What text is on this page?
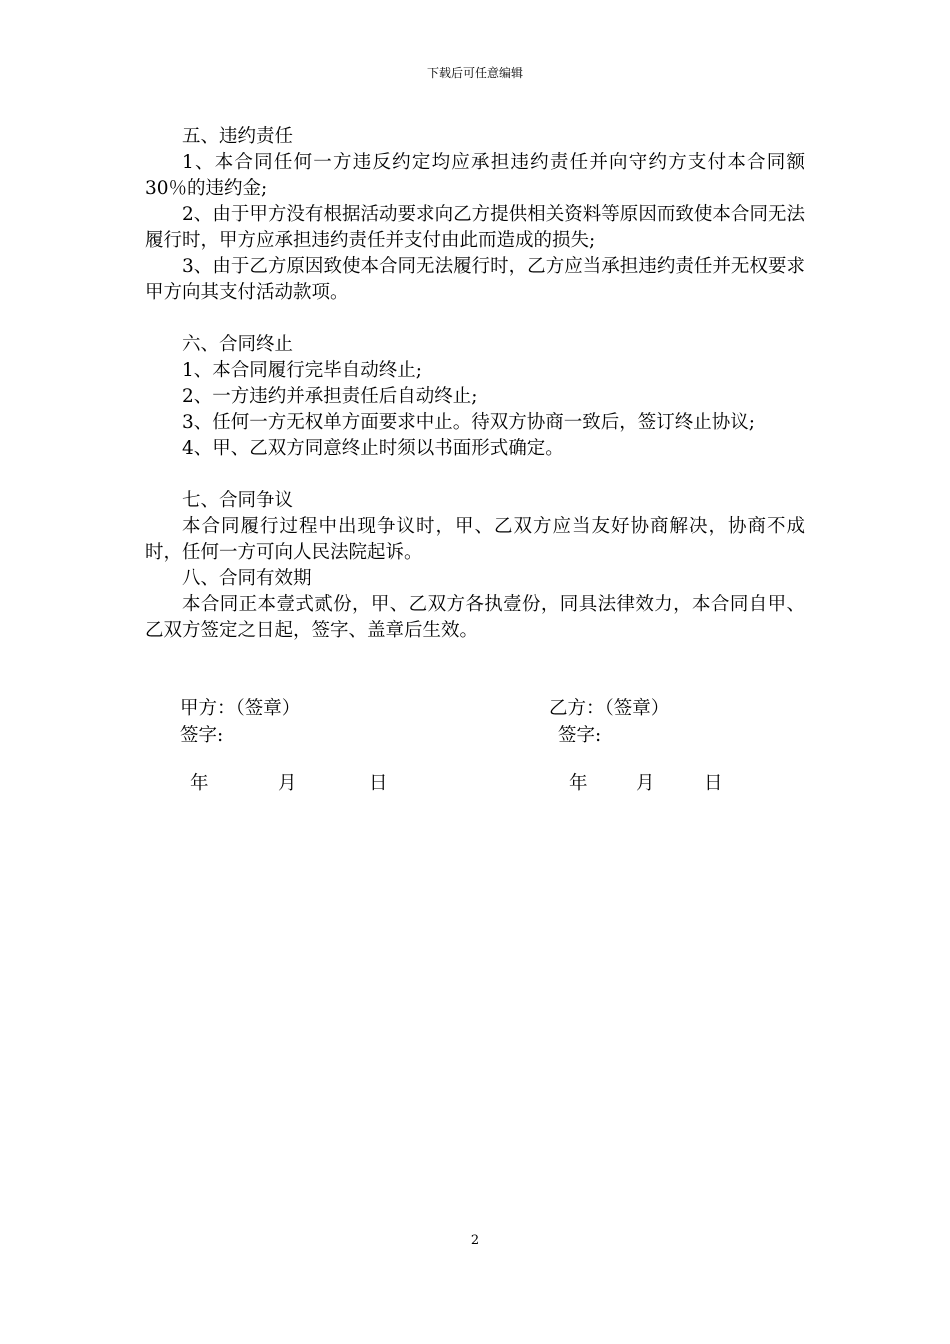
下载后可任意编辑

五、违约责任

1、本合同任何一方违反约定均应承担违约责任并向守约方支付本合同额30％的违约金;

2、由于甲方没有根据活动要求向乙方提供相关资料等原因而致使本合同无法履行时，甲方应承担违约责任并支付由此而造成的损失;

3、由于乙方原因致使本合同无法履行时，乙方应当承担违约责任并无权要求甲方向其支付活动款项。

六、合同终止

1、本合同履行完毕自动终止;

2、一方违约并承担责任后自动终止;

3、任何一方无权单方面要求中止。待双方协商一致后，签订终止协议;

4、甲、乙双方同意终止时须以书面形式确定。

七、合同争议

本合同履行过程中出现争议时，甲、乙双方应当友好协商解决，协商不成时，任何一方可向人民法院起诉。

八、合同有效期

本合同正本壹式贰份，甲、乙双方各执壹份，同具法律效力，本合同自甲、乙双方签定之日起，签字、盖章后生效。

甲方：（签章）	乙方：（签章）
签字:	签字:
年	月	日	年	月	日
2
